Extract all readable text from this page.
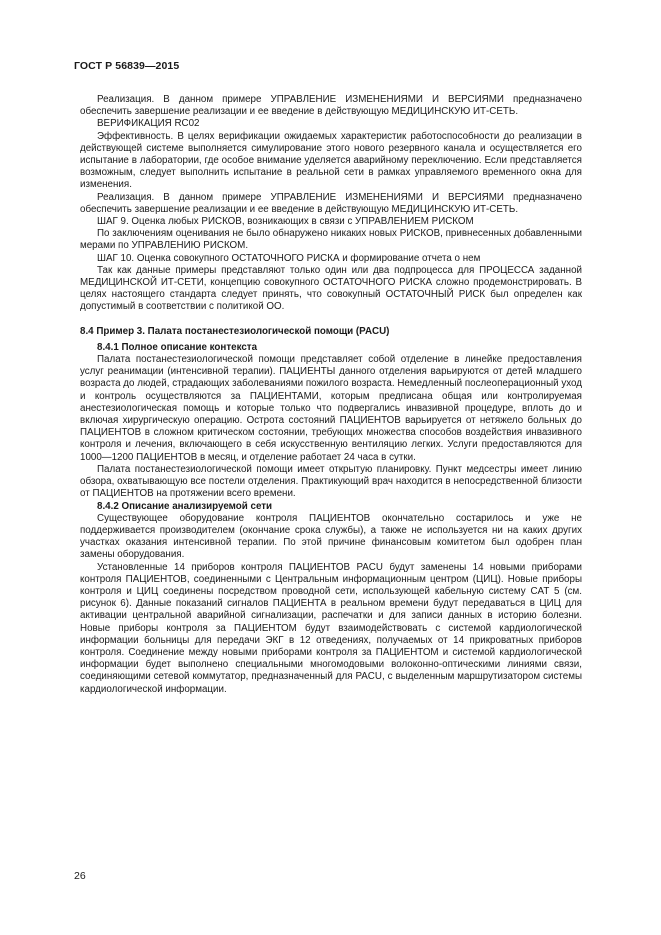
ГОСТ Р 56839—2015

Реализация. В данном примере УПРАВЛЕНИЕ ИЗМЕНЕНИЯМИ И ВЕРСИЯМИ предназначено обеспечить завершение реализации и ее введение в действующую МЕДИЦИНСКУЮ ИТ-СЕТЬ.

ВЕРИФИКАЦИЯ RC02

Эффективность. В целях верификации ожидаемых характеристик работоспособности до реализации в действующей системе выполняется симулирование этого нового резервного канала и осуществляется его испытание в лаборатории, где особое внимание уделяется аварийному переключению. Если представляется возможным, следует выполнить испытание в реальной сети в рамках управляемого временного окна для изменения.

Реализация. В данном примере УПРАВЛЕНИЕ ИЗМЕНЕНИЯМИ И ВЕРСИЯМИ предназначено обеспечить завершение реализации и ее введение в действующую МЕДИЦИНСКУЮ ИТ-СЕТЬ.

ШАГ 9. Оценка любых РИСКОВ, возникающих в связи с УПРАВЛЕНИЕМ РИСКОМ

По заключениям оценивания не было обнаружено никаких новых РИСКОВ, привнесенных добавленными мерами по УПРАВЛЕНИЮ РИСКОМ.

ШАГ 10. Оценка совокупного ОСТАТОЧНОГО РИСКА и формирование отчета о нем

Так как данные примеры представляют только один или два подпроцесса для ПРОЦЕССА заданной МЕДИЦИНСКОЙ ИТ-СЕТИ, концепцию совокупного ОСТАТОЧНОГО РИСКА сложно продемонстрировать. В целях настоящего стандарта следует принять, что совокупный ОСТАТОЧНЫЙ РИСК был определен как допустимый в соответствии с политикой ОО.

8.4 Пример 3. Палата постанестезиологической помощи (PACU)
8.4.1 Полное описание контекста

Палата постанестезиологической помощи представляет собой отделение в линейке предоставления услуг реанимации (интенсивной терапии). ПАЦИЕНТЫ данного отделения варьируются от детей младшего возраста до людей, страдающих заболеваниями пожилого возраста. Немедленный послеоперационный уход и контроль осуществляются за ПАЦИЕНТАМИ, которым предписана общая или контролируемая анестезиологическая помощь и которые только что подвергались инвазивной процедуре, вплоть до и включая хирургическую операцию. Острота состояний ПАЦИЕНТОВ варьируется от нетяжело больных до ПАЦИЕНТОВ в сложном критическом состоянии, требующих множества способов воздействия инвазивного контроля и лечения, включающего в себя искусственную вентиляцию легких. Услуги предоставляются для 1000—1200 ПАЦИЕНТОВ в месяц, и отделение работает 24 часа в сутки.

Палата постанестезиологической помощи имеет открытую планировку. Пункт медсестры имеет линию обзора, охватывающую все постели отделения. Практикующий врач находится в непосредственной близости от ПАЦИЕНТОВ на протяжении всего времени.

8.4.2 Описание анализируемой сети

Существующее оборудование контроля ПАЦИЕНТОВ окончательно состарилось и уже не поддерживается производителем (окончание срока службы), а также не используется ни на каких других участках оказания интенсивной терапии. По этой причине финансовым комитетом был одобрен план замены оборудования.

Установленные 14 приборов контроля ПАЦИЕНТОВ PACU будут заменены 14 новыми приборами контроля ПАЦИЕНТОВ, соединенными с Центральным информационным центром (ЦИЦ). Новые приборы контроля и ЦИЦ соединены посредством проводной сети, использующей кабельную систему CAT 5 (см. рисунок 6). Данные показаний сигналов ПАЦИЕНТА в реальном времени будут передаваться в ЦИЦ для активации центральной аварийной сигнализации, распечатки и для записи данных в историю болезни. Новые приборы контроля за ПАЦИЕНТОМ будут взаимодействовать с системой кардиологической информации больницы для передачи ЭКГ в 12 отведениях, получаемых от 14 прикроватных приборов контроля. Соединение между новыми приборами контроля за ПАЦИЕНТОМ и системой кардиологической информации будет выполнено специальными многомодовыми волоконно-оптическими линиями связи, соединяющими сетевой коммутатор, предназначенный для PACU, с выделенным маршрутизатором системы кардиологической информации.

26
